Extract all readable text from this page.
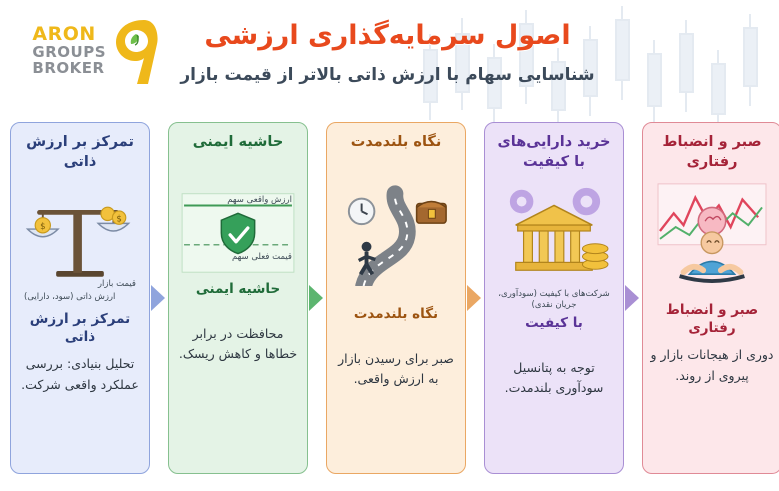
ARON
GROUPS
BROKER
اصول سرمایه‌گذاری ارزشی
شناسایی سهام با ارزش ذاتی بالاتر از قیمت بازار
تمرکز بر ارزش ذاتی
$
$
قیمت بازار
ارزش ذاتی (سود، دارایی)
تمرکز بر ارزش ذاتی
تحلیل بنیادی: بررسی عملکرد واقعی شرکت.
حاشیه ایمنی
ارزش واقعی سهم
قیمت فعلی سهم
حاشیه ایمنی
محافظت در برابر خطاها و کاهش ریسک.
نگاه بلندمدت
نگاه بلندمدت
صبر برای رسیدن بازار به ارزش واقعی.
خرید دارایی‌های با کیفیت
شرکت‌های با کیفیت (سودآوری، جریان نقدی)
با کیفیت
توجه به پتانسیل سودآوری بلندمدت.
صبر و انضباط رفتاری
صبر و انضباط رفتاری
دوری از هیجانات بازار و پیروی از روند.
